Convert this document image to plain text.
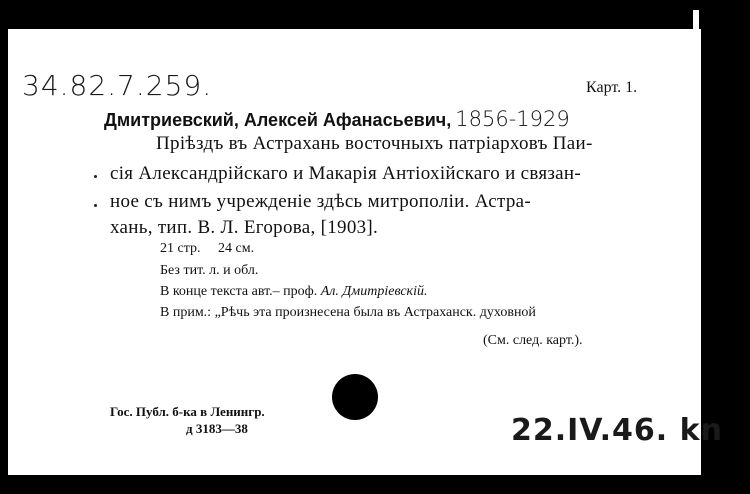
34.82.7.259.	Карт. 1.
Дмитриевский, Алексей Афанасьевич, 1856-1929
Пріѣздъ въ Астрахань восточныхъ патріарховъ Паи-
сія Александрійскаго и Макарія Антіохійскаго и связан-
ное съ нимъ учрежденіе здѣсь митрополіи. Астра-
хань, тип. В. Л. Егорова, [1903].
21 стр. 24 см.
Без тит. л. и обл.
В конце текста авт.– проф. Ал. Дмитріевскій.
В прим.: „Рѣчь эта произнесена была въ Астраханск. духовной
(См. след. карт.).
Гос. Публ. б-ка в Ленингр.
д 3183—38	22.IV.46. kn
